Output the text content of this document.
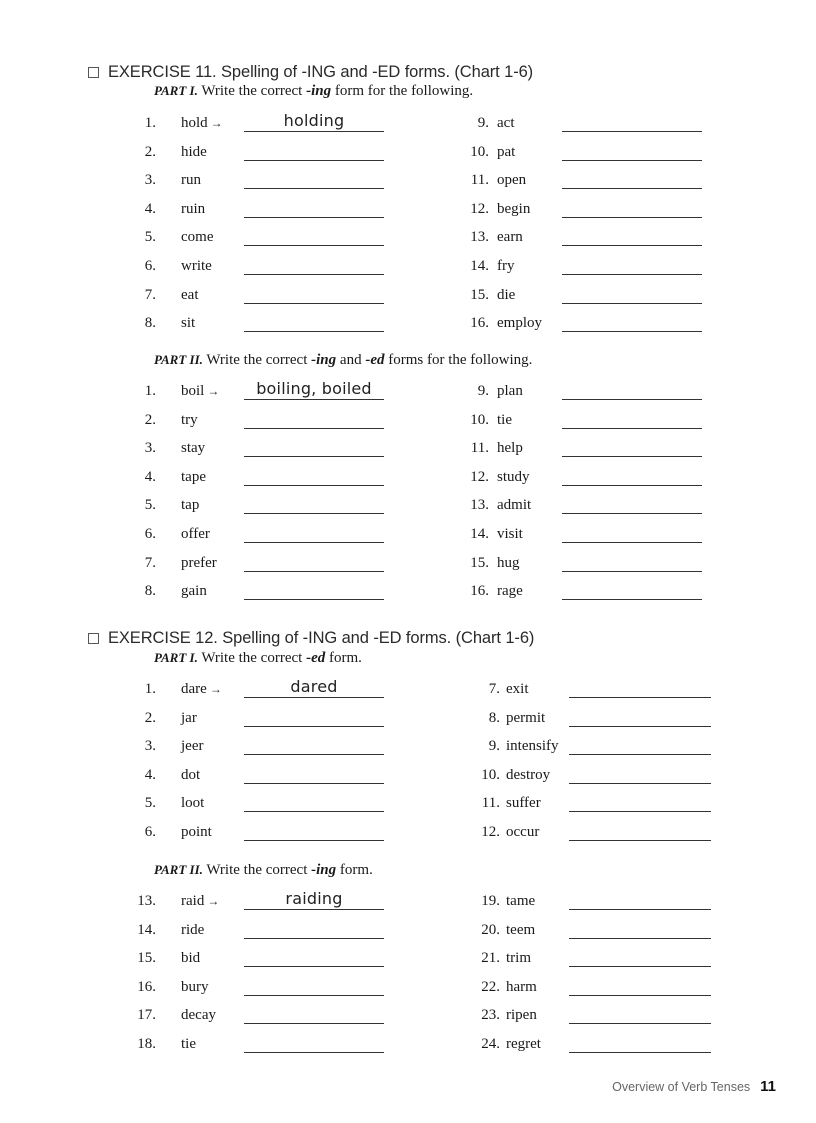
EXERCISE 11. Spelling of -ING and -ED forms. (Chart 1-6)
PART I. Write the correct -ing form for the following.
1. hold →	holding
2. hide
3. run
4. ruin
5. come
6. write
7. eat
8. sit
9. act
10. pat
11. open
12. begin
13. earn
14. fry
15. die
16. employ
PART II. Write the correct -ing and -ed forms for the following.
1. boil →	boiling, boiled
2. try
3. stay
4. tape
5. tap
6. offer
7. prefer
8. gain
9. plan
10. tie
11. help
12. study
13. admit
14. visit
15. hug
16. rage
EXERCISE 12. Spelling of -ING and -ED forms. (Chart 1-6)
PART I. Write the correct -ed form.
1. dare →	dared
2. jar
3. jeer
4. dot
5. loot
6. point
7. exit
8. permit
9. intensify
10. destroy
11. suffer
12. occur
PART II. Write the correct -ing form.
13. raid →	raiding
14. ride
15. bid
16. bury
17. decay
18. tie
19. tame
20. teem
21. trim
22. harm
23. ripen
24. regret
Overview of Verb Tenses 11
